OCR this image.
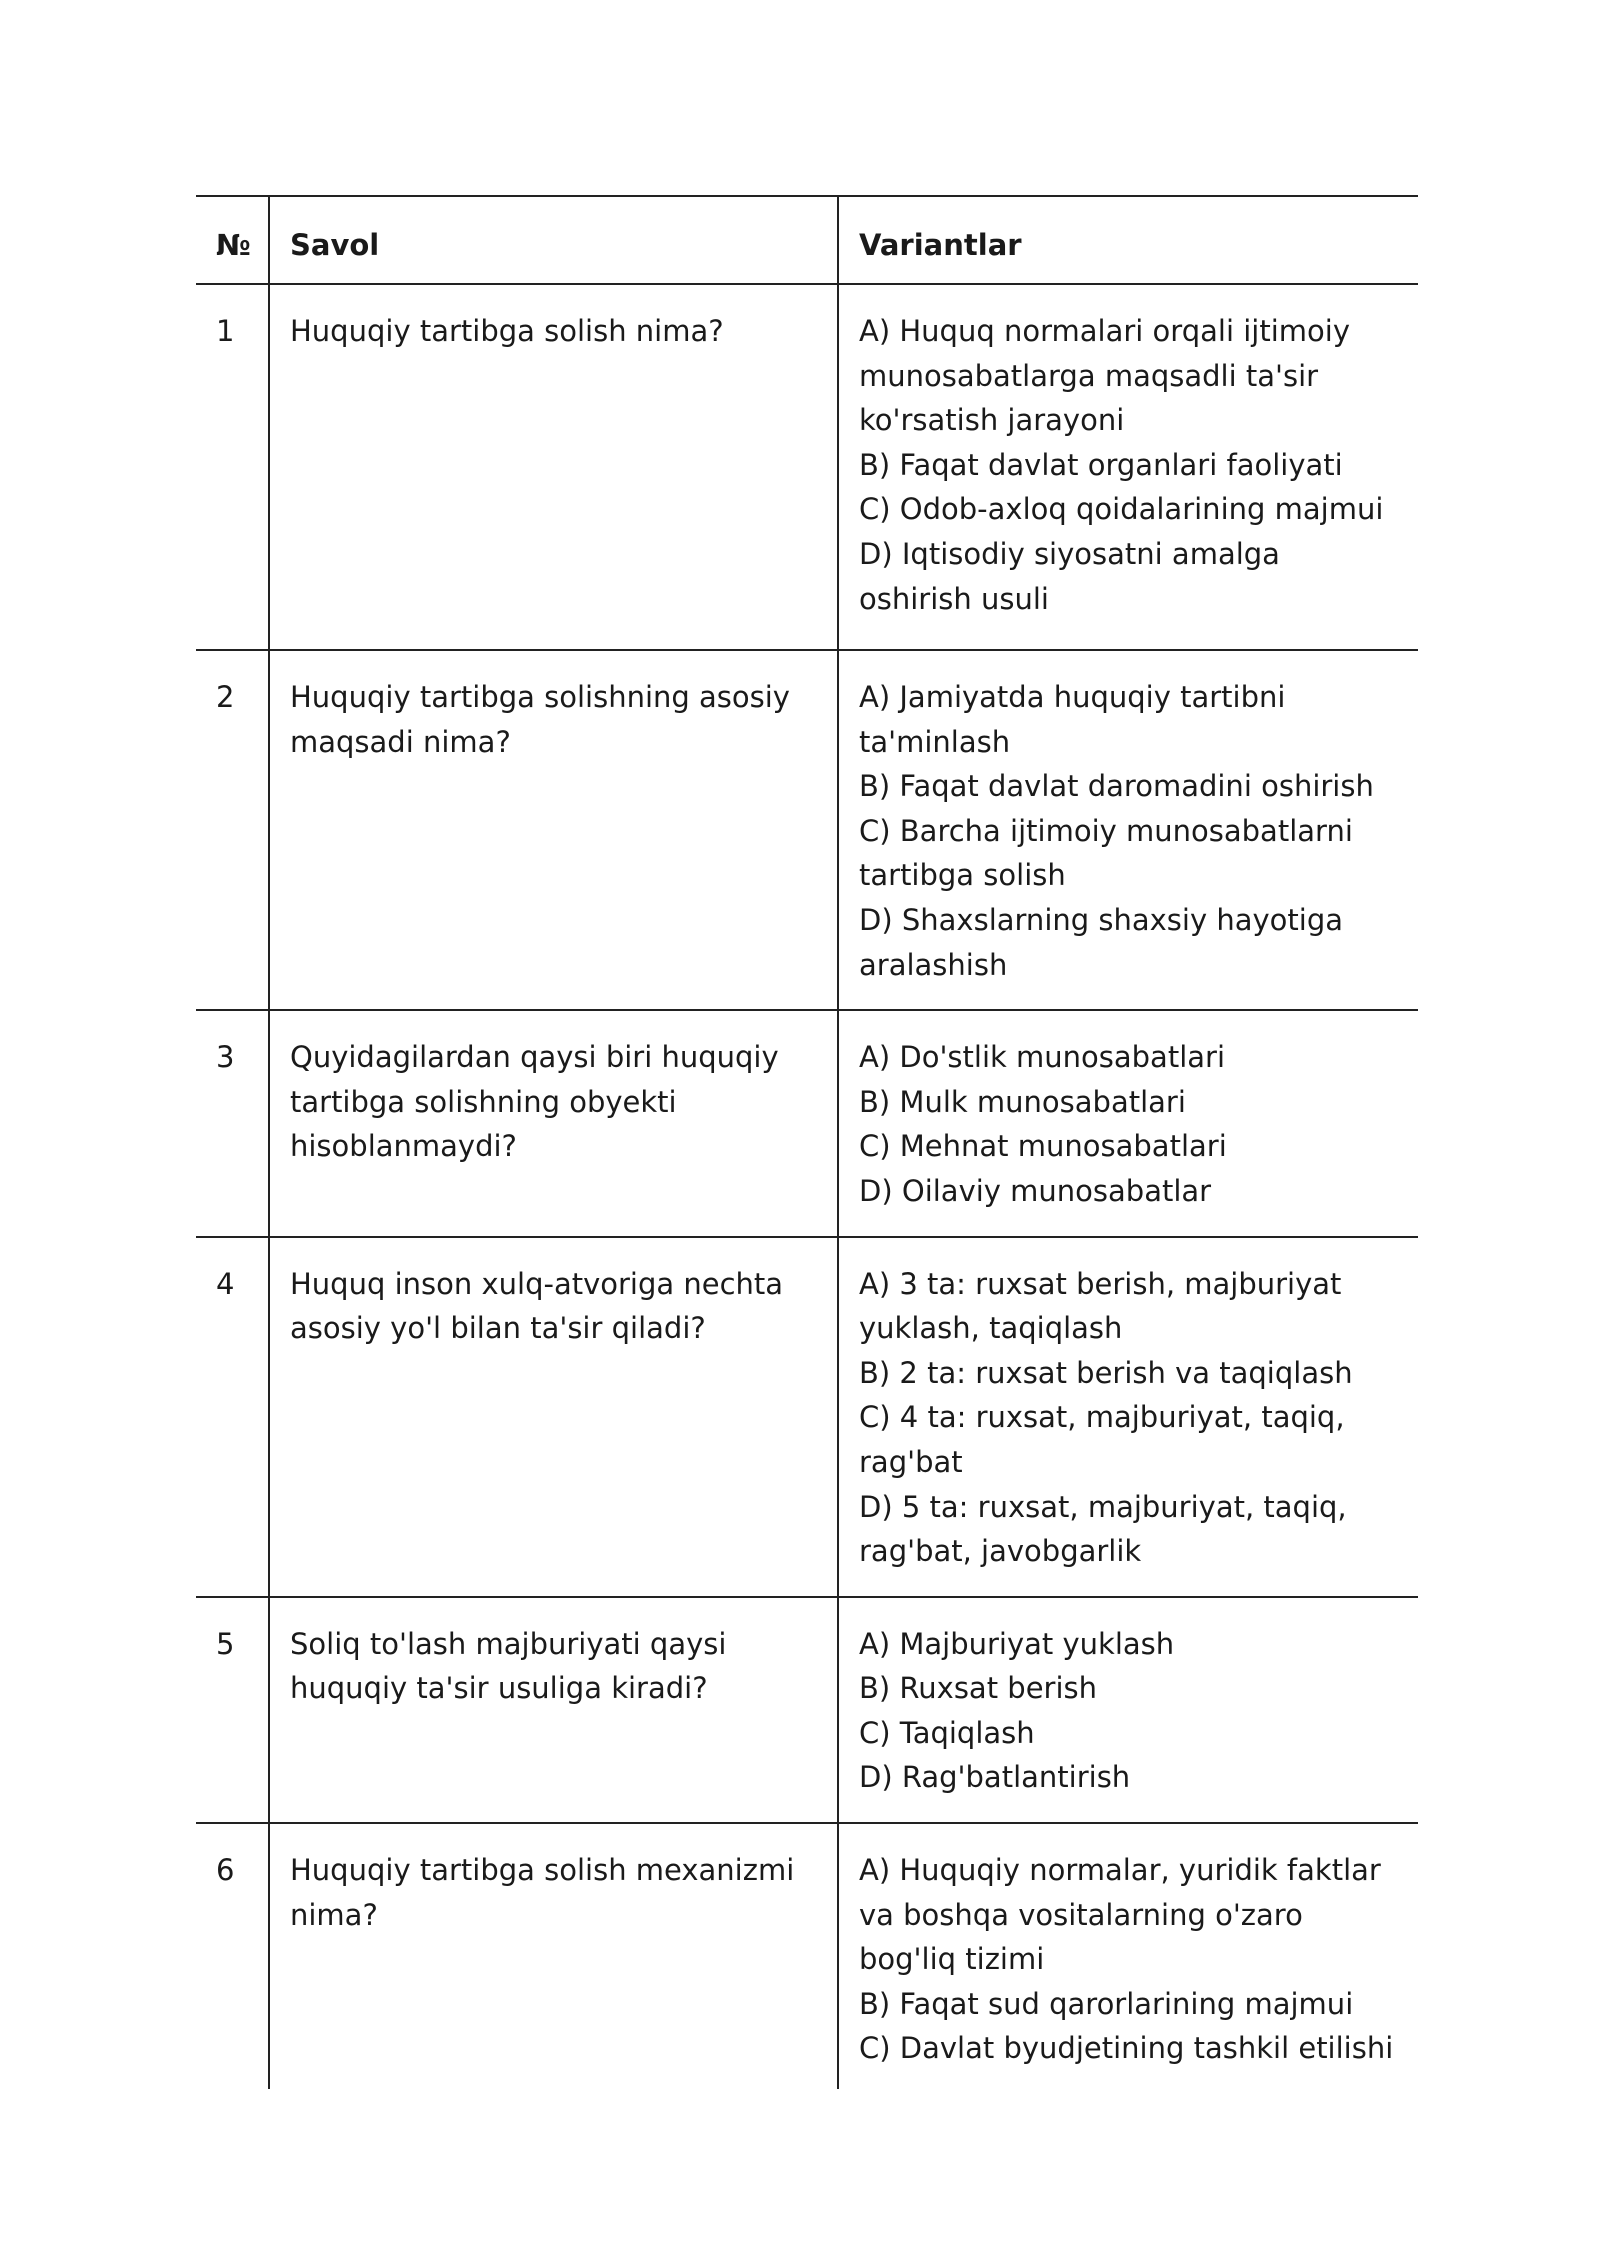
№	Savol	Variantlar
1	Huquqiy tartibga solish nima?	A) Huquq normalari orqali ijtimoiy munosabatlarga maqsadli ta'sir ko'rsatish jarayoni
B) Faqat davlat organlari faoliyati
C) Odob-axloq qoidalarining majmui
D) Iqtisodiy siyosatni amalga oshirish usuli

2	Huquqiy tartibga solishning asosiy maqsadi nima?	A) Jamiyatda huquqiy tartibni ta'minlash
B) Faqat davlat daromadini oshirish
C) Barcha ijtimoiy munosabatlarni tartibga solish
D) Shaxslarning shaxsiy hayotiga aralashish

3	Quyidagilardan qaysi biri huquqiy tartibga solishning obyekti hisoblanmaydi?	A) Do'stlik munosabatlari
B) Mulk munosabatlari
C) Mehnat munosabatlari
D) Oilaviy munosabatlar

4	Huquq inson xulq-atvoriga nechta asosiy yo'l bilan ta'sir qiladi?	A) 3 ta: ruxsat berish, majburiyat yuklash, taqiqlash
B) 2 ta: ruxsat berish va taqiqlash
C) 4 ta: ruxsat, majburiyat, taqiq, rag'bat
D) 5 ta: ruxsat, majburiyat, taqiq, rag'bat, javobgarlik

5	Soliq to'lash majburiyati qaysi huquqiy ta'sir usuliga kiradi?	A) Majburiyat yuklash
B) Ruxsat berish
C) Taqiqlash
D) Rag'batlantirish

6	Huquqiy tartibga solish mexanizmi nima?	A) Huquqiy normalar, yuridik faktlar va boshqa vositalarning o'zaro bog'liq tizimi
B) Faqat sud qarorlarining majmui
C) Davlat byudjetining tashkil etilishi
